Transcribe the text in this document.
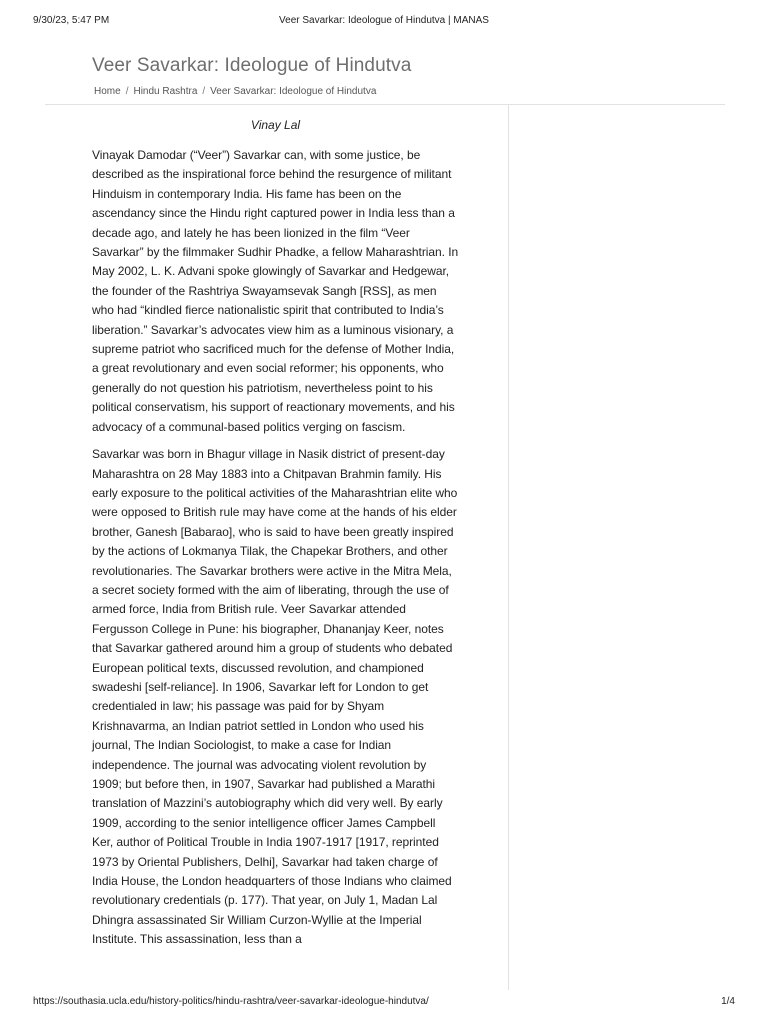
9/30/23, 5:47 PM	Veer Savarkar: Ideologue of Hindutva | MANAS
Veer Savarkar: Ideologue of Hindutva
Home / Hindu Rashtra / Veer Savarkar: Ideologue of Hindutva

Vinay Lal

Vinayak Damodar (“Veer”) Savarkar can, with some justice, be described as the inspirational force behind the resurgence of militant Hinduism in contemporary India. His fame has been on the ascendancy since the Hindu right captured power in India less than a decade ago, and lately he has been lionized in the film “Veer Savarkar” by the filmmaker Sudhir Phadke, a fellow Maharashtrian. In May 2002, L. K. Advani spoke glowingly of Savarkar and Hedgewar, the founder of the Rashtriya Swayamsevak Sangh [RSS], as men who had “kindled fierce nationalistic spirit that contributed to India’s liberation.” Savarkar’s advocates view him as a luminous visionary, a supreme patriot who sacrificed much for the defense of Mother India, a great revolutionary and even social reformer; his opponents, who generally do not question his patriotism, nevertheless point to his political conservatism, his support of reactionary movements, and his advocacy of a communal-based politics verging on fascism.

Savarkar was born in Bhagur village in Nasik district of present-day Maharashtra on 28 May 1883 into a Chitpavan Brahmin family. His early exposure to the political activities of the Maharashtrian elite who were opposed to British rule may have come at the hands of his elder brother, Ganesh [Babarao], who is said to have been greatly inspired by the actions of Lokmanya Tilak, the Chapekar Brothers, and other revolutionaries. The Savarkar brothers were active in the Mitra Mela, a secret society formed with the aim of liberating, through the use of armed force, India from British rule. Veer Savarkar attended Fergusson College in Pune: his biographer, Dhananjay Keer, notes that Savarkar gathered around him a group of students who debated European political texts, discussed revolution, and championed swadeshi [self-reliance]. In 1906, Savarkar left for London to get credentialed in law; his passage was paid for by Shyam Krishnavarma, an Indian patriot settled in London who used his journal, The Indian Sociologist, to make a case for Indian independence. The journal was advocating violent revolution by 1909; but before then, in 1907, Savarkar had published a Marathi translation of Mazzini’s autobiography which did very well. By early 1909, according to the senior intelligence officer James Campbell Ker, author of Political Trouble in India 1907-1917 [1917, reprinted 1973 by Oriental Publishers, Delhi], Savarkar had taken charge of India House, the London headquarters of those Indians who claimed revolutionary credentials (p. 177). That year, on July 1, Madan Lal Dhingra assassinated Sir William Curzon-Wyllie at the Imperial Institute. This assassination, less than a

https://southasia.ucla.edu/history-politics/hindu-rashtra/veer-savarkar-ideologue-hindutva/	1/4
